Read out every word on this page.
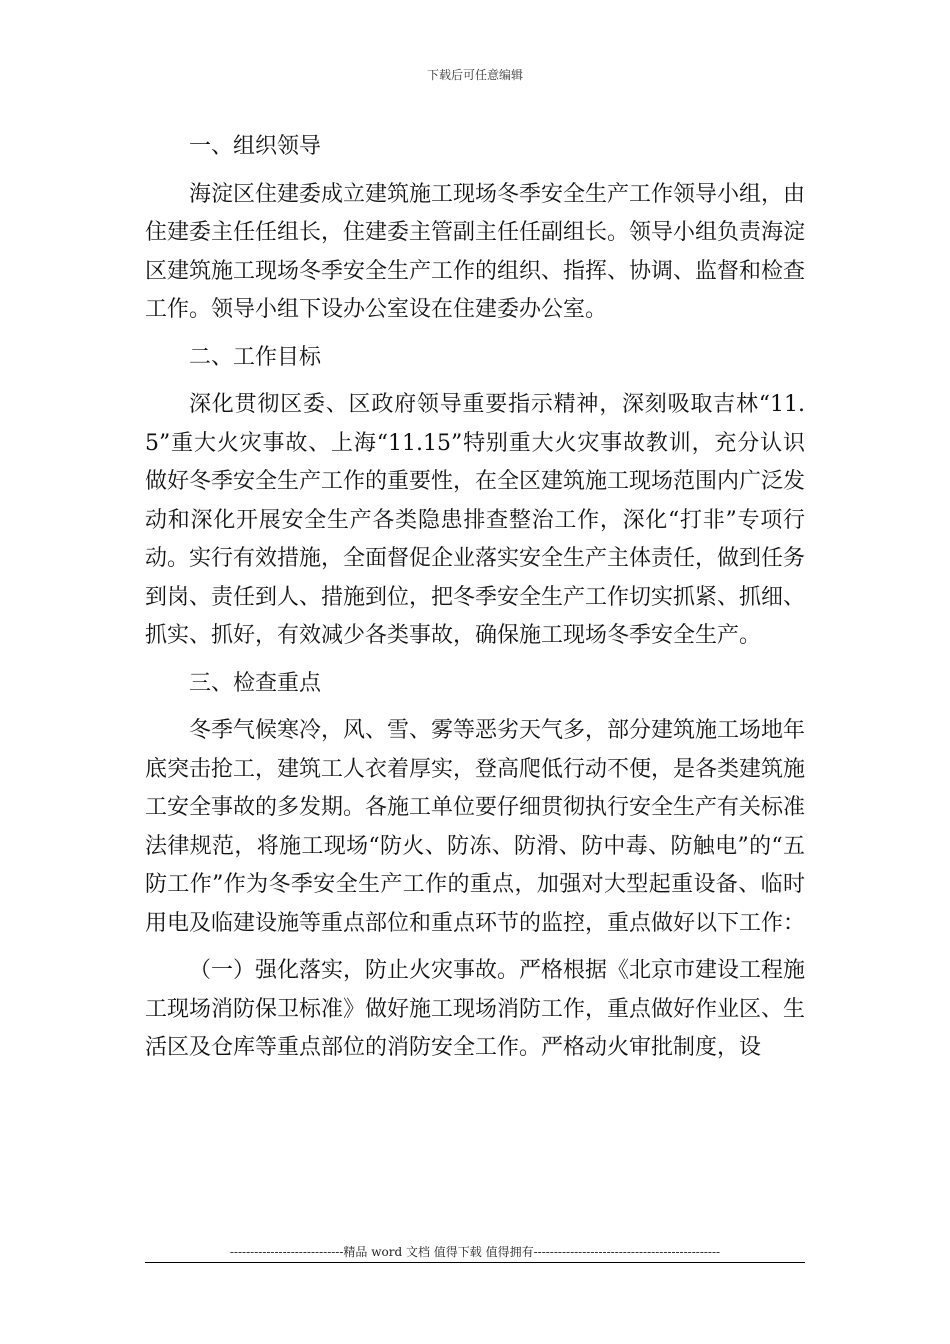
下载后可任意编辑

一、组织领导

海淀区住建委成立建筑施工现场冬季安全生产工作领导小组，由住建委主任任组长，住建委主管副主任任副组长。领导小组负责海淀区建筑施工现场冬季安全生产工作的组织、指挥、协调、监督和检查工作。领导小组下设办公室设在住建委办公室。

二、工作目标

深化贯彻区委、区政府领导重要指示精神，深刻吸取吉林“11.5”重大火灾事故、上海“11.15”特别重大火灾事故教训，充分认识做好冬季安全生产工作的重要性，在全区建筑施工现场范围内广泛发动和深化开展安全生产各类隐患排查整治工作，深化“打非”专项行动。实行有效措施，全面督促企业落实安全生产主体责任，做到任务到岗、责任到人、措施到位，把冬季安全生产工作切实抓紧、抓细、抓实、抓好，有效减少各类事故，确保施工现场冬季安全生产。

三、检查重点

冬季气候寒冷，风、雪、雾等恶劣天气多，部分建筑施工场地年底突击抢工，建筑工人衣着厚实，登高爬低行动不便，是各类建筑施工安全事故的多发期。各施工单位要仔细贯彻执行安全生产有关标准法律规范，将施工现场“防火、防冻、防滑、防中毒、防触电”的“五防工作”作为冬季安全生产工作的重点，加强对大型起重设备、临时用电及临建设施等重点部位和重点环节的监控，重点做好以下工作：

（一）强化落实，防止火灾事故。严格根据《北京市建设工程施工现场消防保卫标准》做好施工现场消防工作，重点做好作业区、生活区及仓库等重点部位的消防安全工作。严格动火审批制度，设

----------------------------精品 word 文档 值得下载 值得拥有----------------------------------------------
